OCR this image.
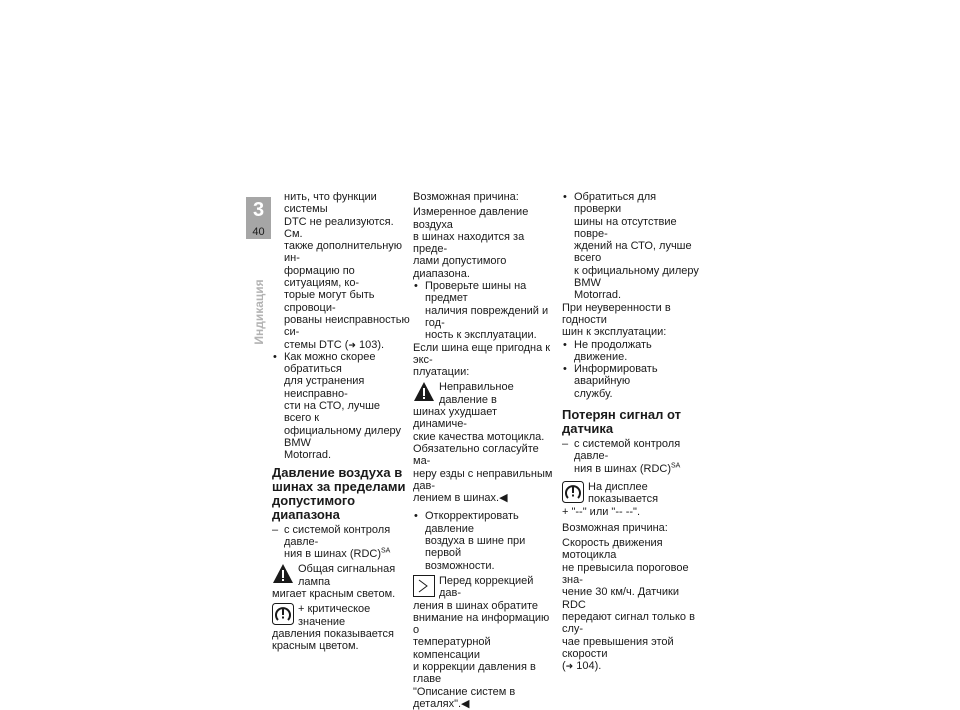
3
40
Индикация

нить, что функции системы
DTC не реализуются. См.
также дополнительную ин-
формацию по ситуациям, ко-
торые могут быть спровоци-
рованы неисправностью си-
стемы DTC (➜ 103).

• Как можно скорее обратиться
для устранения неисправно-
сти на СТО, лучше всего к
официальному дилеру BMW
Motorrad.

Давление воздуха в
шинах за пределами
допустимого диапазона

– с системой контроля давле-
ния в шинах (RDC)$^{SA}$

Общая сигнальная лампа
мигает красным светом.
+ критическое значение
давления показывается
красным цветом.

Возможная причина:

Измеренное давление воздуха
в шинах находится за преде-
лами допустимого диапазона.

• Проверьте шины на предмет
наличия повреждений и год-
ность к эксплуатации.

Если шина еще пригодна к экс-
плуатации:

Неправильное давление в
шинах ухудшает динамиче-
ские качества мотоцикла.
Обязательно согласуйте ма-
неру езды с неправильным дав-
лением в шинах.◀

• Откорректировать давление
воздуха в шине при первой
возможности.

Перед коррекцией дав-
ления в шинах обратите
внимание на информацию о
температурной компенсации
и коррекции давления в главе
"Описание систем в деталях".◀

• Обратиться для проверки
шины на отсутствие повре-
ждений на СТО, лучше всего
к официальному дилеру BMW
Motorrad.

При неуверенности в годности
шин к эксплуатации:

• Не продолжать движение.

• Информировать аварийную
службу.

Потерян сигнал от
датчика

– с системой контроля давле-
ния в шинах (RDC)$^{SA}$

На дисплее показывается
+ "--" или "-- --".

Возможная причина:

Скорость движения мотоцикла
не превысила пороговое зна-
чение 30 км/ч. Датчики RDC
передают сигнал только в слу-
чае превышения этой скорости
(➜ 104).
